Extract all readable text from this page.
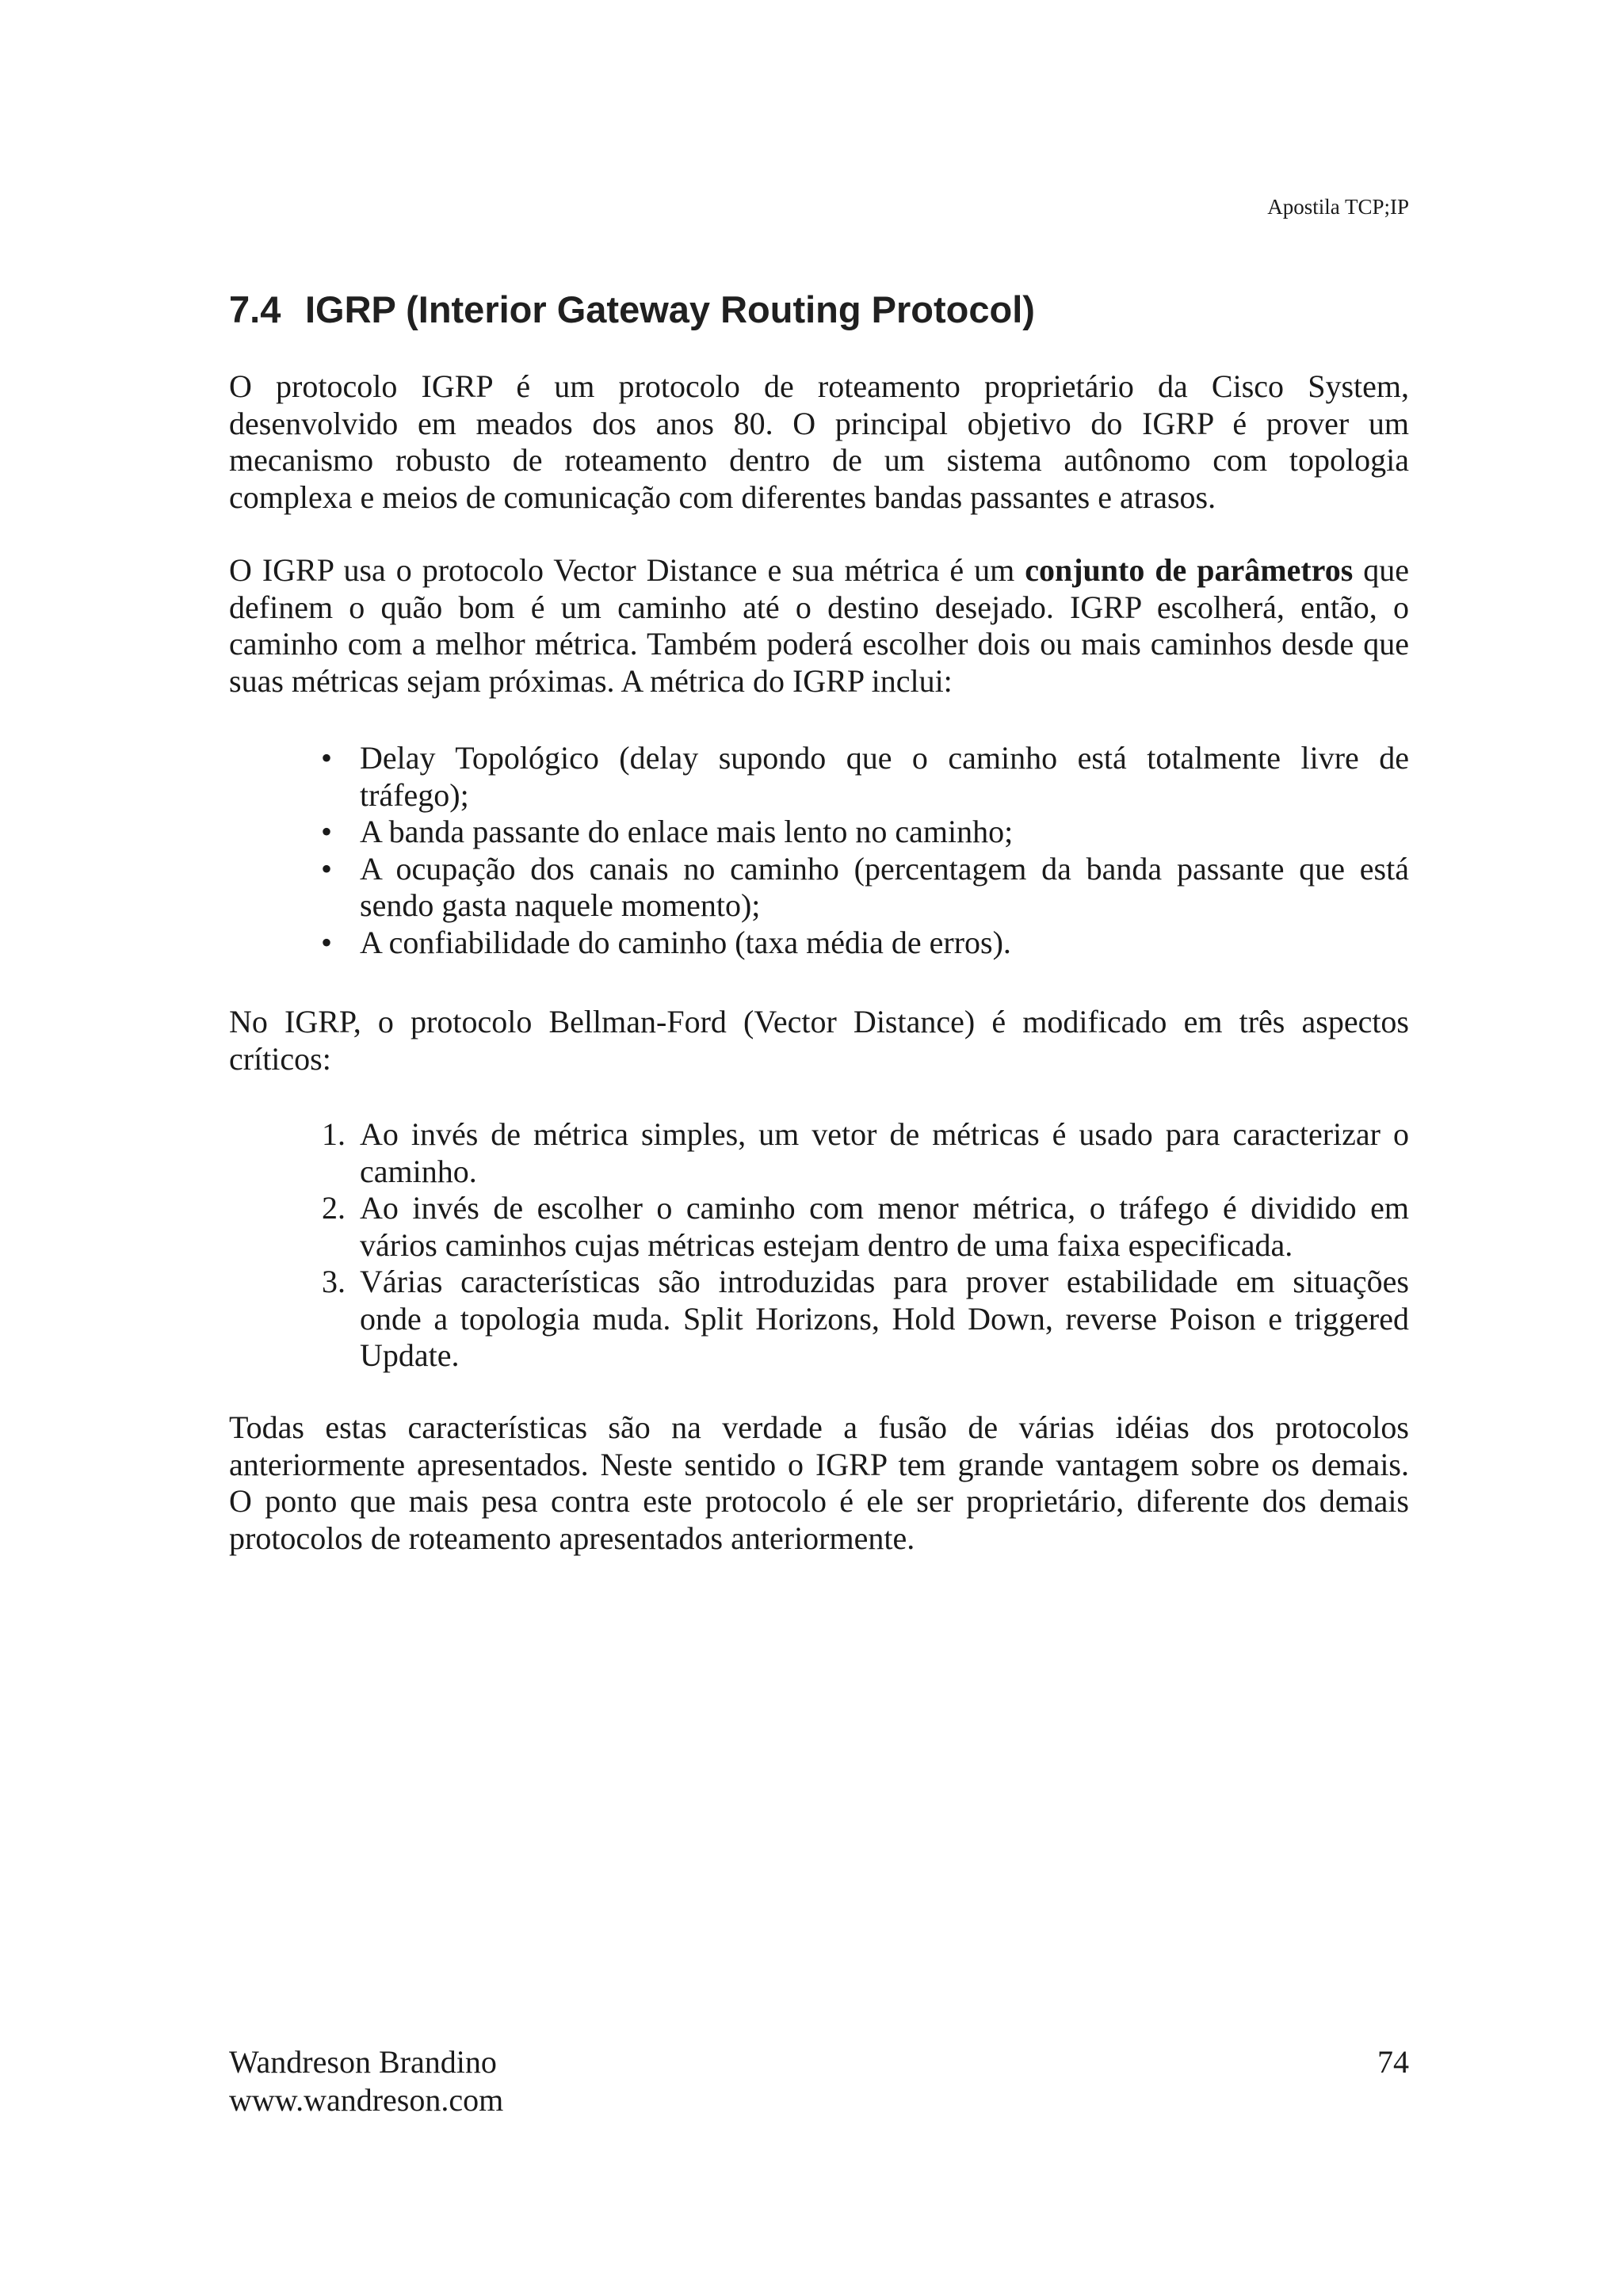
Apostila TCP;IP
7.4 IGRP (Interior Gateway Routing Protocol)
O protocolo IGRP é um protocolo de roteamento proprietário da Cisco System,
desenvolvido em meados dos anos 80. O principal objetivo do IGRP é prover um
mecanismo robusto de roteamento dentro de um sistema autônomo com topologia
complexa e meios de comunicação com diferentes bandas passantes e atrasos.
O IGRP usa o protocolo Vector Distance e sua métrica é um conjunto de parâmetros que
definem o quão bom é um caminho até o destino desejado. IGRP escolherá, então, o
caminho com a melhor métrica. Também poderá escolher dois ou mais caminhos desde que
suas métricas sejam próximas. A métrica do IGRP inclui:
• Delay Topológico (delay supondo que o caminho está totalmente livre de
tráfego);
• A banda passante do enlace mais lento no caminho;
• A ocupação dos canais no caminho (percentagem da banda passante que está
sendo gasta naquele momento);
• A confiabilidade do caminho (taxa média de erros).
No IGRP, o protocolo Bellman-Ford (Vector Distance) é modificado em três aspectos
críticos:
1. Ao invés de métrica simples, um vetor de métricas é usado para caracterizar o
caminho.
2. Ao invés de escolher o caminho com menor métrica, o tráfego é dividido em
vários caminhos cujas métricas estejam dentro de uma faixa especificada.
3. Várias características são introduzidas para prover estabilidade em situações
onde a topologia muda. Split Horizons, Hold Down, reverse Poison e triggered
Update.
Todas estas características são na verdade a fusão de várias idéias dos protocolos
anteriormente apresentados. Neste sentido o IGRP tem grande vantagem sobre os demais.
O ponto que mais pesa contra este protocolo é ele ser proprietário, diferente dos demais
protocolos de roteamento apresentados anteriormente.
Wandreson Brandino	74
www.wandreson.com
